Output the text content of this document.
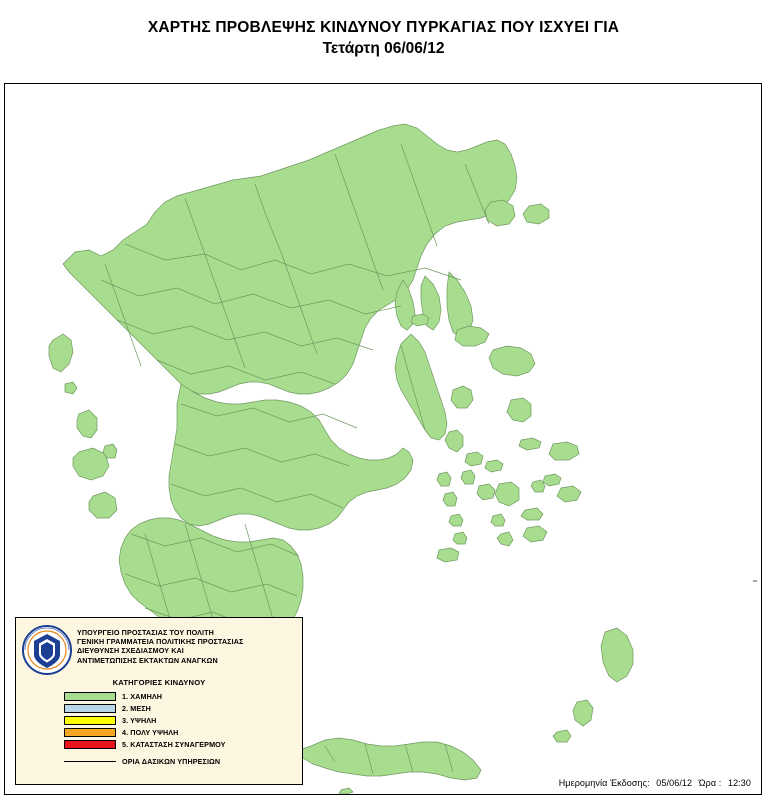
ΧΑΡΤΗΣ ΠΡΟΒΛΕΨΗΣ ΚΙΝΔΥΝΟΥ ΠΥΡΚΑΓΙΑΣ ΠΟΥ ΙΣΧΥΕΙ ΓΙΑ
Τετάρτη 06/06/12
ΥΠΟΥΡΓΕΙΟ ΠΡΟΣΤΑΣΙΑΣ ΤΟΥ ΠΟΛΙΤΗ
ΓΕΝΙΚΗ ΓΡΑΜΜΑΤΕΙΑ ΠΟΛΙΤΙΚΗΣ ΠΡΟΣΤΑΣΙΑΣ
ΔΙΕΥΘΥΝΣΗ ΣΧΕΔΙΑΣΜΟΥ ΚΑΙ
ΑΝΤΙΜΕΤΩΠΙΣΗΣ ΕΚΤΑΚΤΩΝ ΑΝΑΓΚΩΝ
ΚΑΤΗΓΟΡΙΕΣ ΚΙΝΔΥΝΟΥ
1. ΧΑΜΗΛΗ
2. ΜΕΣΗ
3. ΥΨΗΛΗ
4. ΠΟΛΥ ΥΨΗΛΗ
5. ΚΑΤΑΣΤΑΣΗ ΣΥΝΑΓΕΡΜΟΥ
ΟΡΙΑ ΔΑΣΙΚΩΝ ΥΠΗΡΕΣΙΩΝ
Ημερομηνία Έκδοσης: 05/06/12 Ώρα : 12:30
